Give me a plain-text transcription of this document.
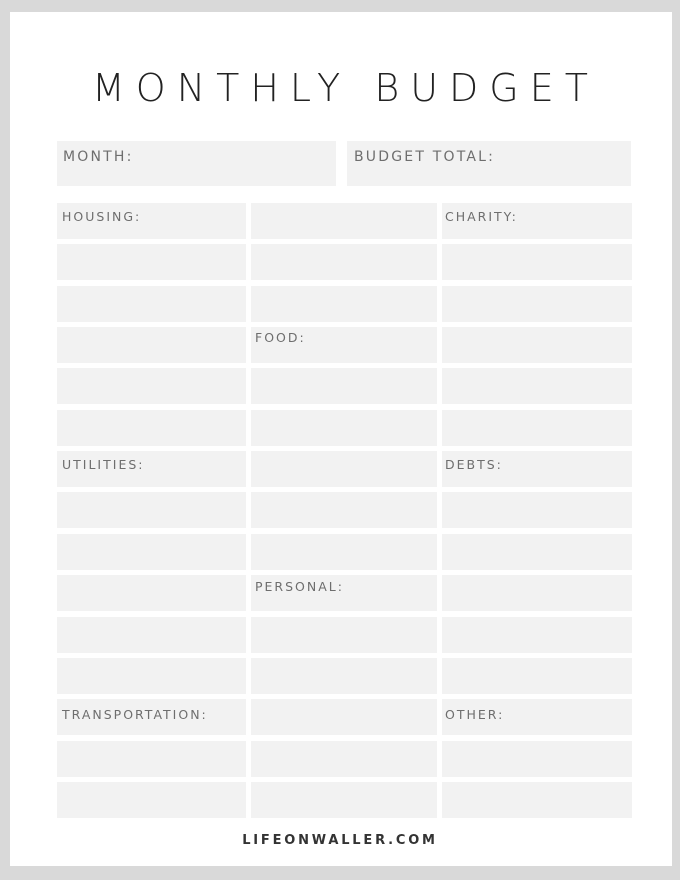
MONTHLY BUDGET
MONTH:	BUDGET TOTAL:
HOUSING:	CHARITY:
FOOD:
UTILITIES:	DEBTS:
PERSONAL:
TRANSPORTATION:	OTHER:
LIFEONWALLER.COM
